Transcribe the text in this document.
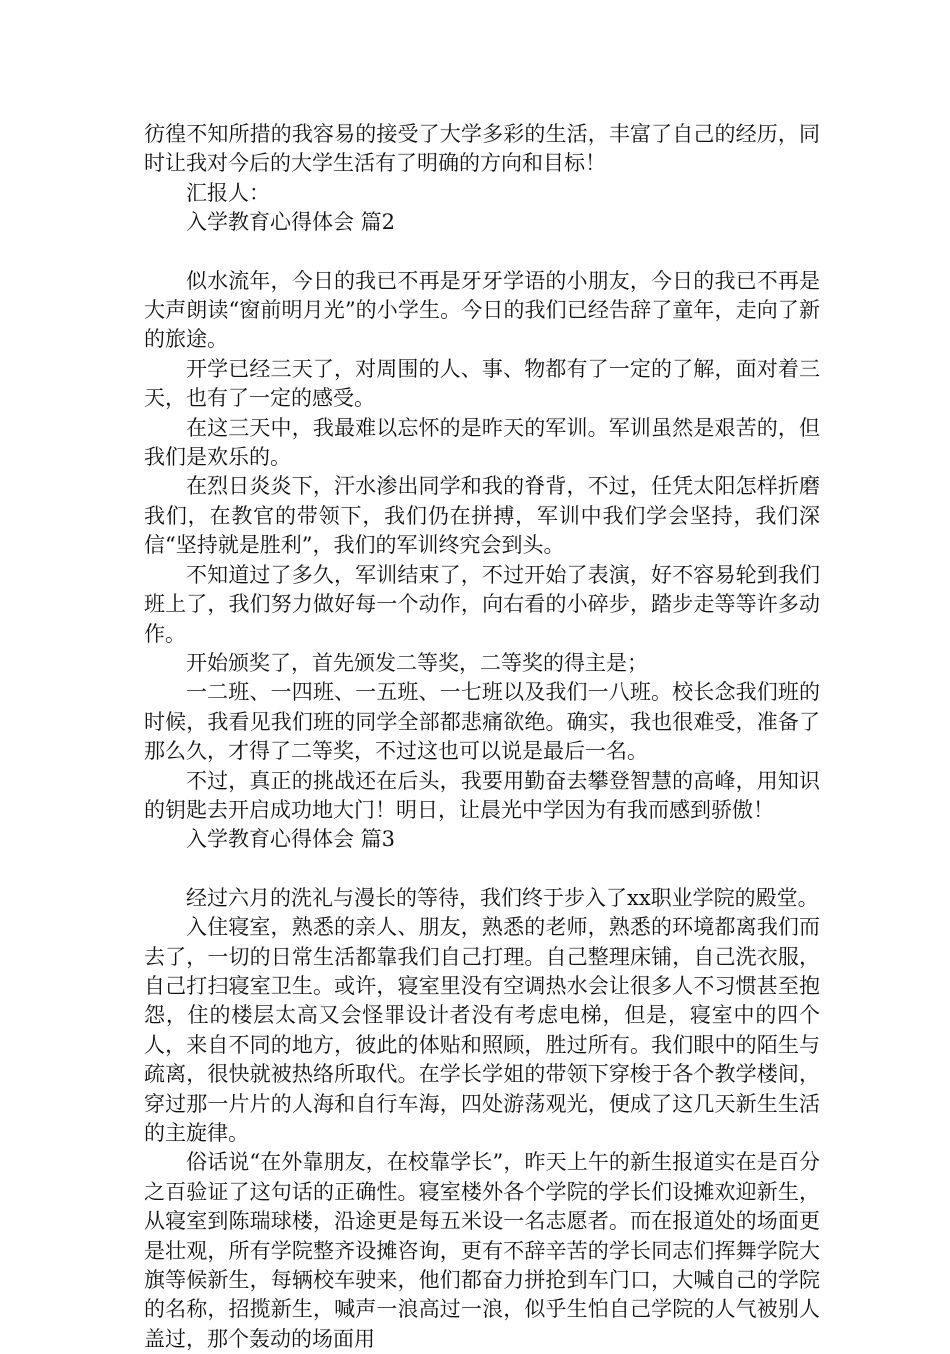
彷徨不知所措的我容易的接受了大学多彩的生活，丰富了自己的经历，同时让我对今后的大学生活有了明确的方向和目标！

汇报人：

入学教育心得体会 篇2

似水流年，今日的我已不再是牙牙学语的小朋友，今日的我已不再是大声朗读“窗前明月光”的小学生。今日的我们已经告辞了童年，走向了新的旅途。

开学已经三天了，对周围的人、事、物都有了一定的了解，面对着三天，也有了一定的感受。

在这三天中，我最难以忘怀的是昨天的军训。军训虽然是艰苦的，但我们是欢乐的。

在烈日炎炎下，汗水渗出同学和我的脊背，不过，任凭太阳怎样折磨我们，在教官的带领下，我们仍在拼搏，军训中我们学会坚持，我们深信“坚持就是胜利”，我们的军训终究会到头。

不知道过了多久，军训结束了，不过开始了表演，好不容易轮到我们班上了，我们努力做好每一个动作，向右看的小碎步，踏步走等等许多动作。

开始颁奖了，首先颁发二等奖，二等奖的得主是；

一二班、一四班、一五班、一七班以及我们一八班。校长念我们班的时候，我看见我们班的同学全部都悲痛欲绝。确实，我也很难受，准备了那么久，才得了二等奖，不过这也可以说是最后一名。

不过，真正的挑战还在后头，我要用勤奋去攀登智慧的高峰，用知识的钥匙去开启成功地大门！明日，让晨光中学因为有我而感到骄傲！

入学教育心得体会 篇3

经过六月的洗礼与漫长的等待，我们终于步入了xx职业学院的殿堂。

入住寝室，熟悉的亲人、朋友，熟悉的老师，熟悉的环境都离我们而去了，一切的日常生活都靠我们自己打理。自己整理床铺，自己洗衣服，自己打扫寝室卫生。或许，寝室里没有空调热水会让很多人不习惯甚至抱怨，住的楼层太高又会怪罪设计者没有考虑电梯，但是，寝室中的四个人，来自不同的地方，彼此的体贴和照顾，胜过所有。我们眼中的陌生与疏离，很快就被热络所取代。在学长学姐的带领下穿梭于各个教学楼间，穿过那一片片的人海和自行车海，四处游荡观光，便成了这几天新生生活的主旋律。

俗话说“在外靠朋友，在校靠学长”，昨天上午的新生报道实在是百分之百验证了这句话的正确性。寝室楼外各个学院的学长们设摊欢迎新生，从寝室到陈瑞球楼，沿途更是每五米设一名志愿者。而在报道处的场面更是壮观，所有学院整齐设摊咨询，更有不辞辛苦的学长同志们挥舞学院大旗等候新生，每辆校车驶来，他们都奋力拼抢到车门口，大喊自己的学院的名称，招揽新生，喊声一浪高过一浪，似乎生怕自己学院的人气被别人盖过，那个轰动的场面用
